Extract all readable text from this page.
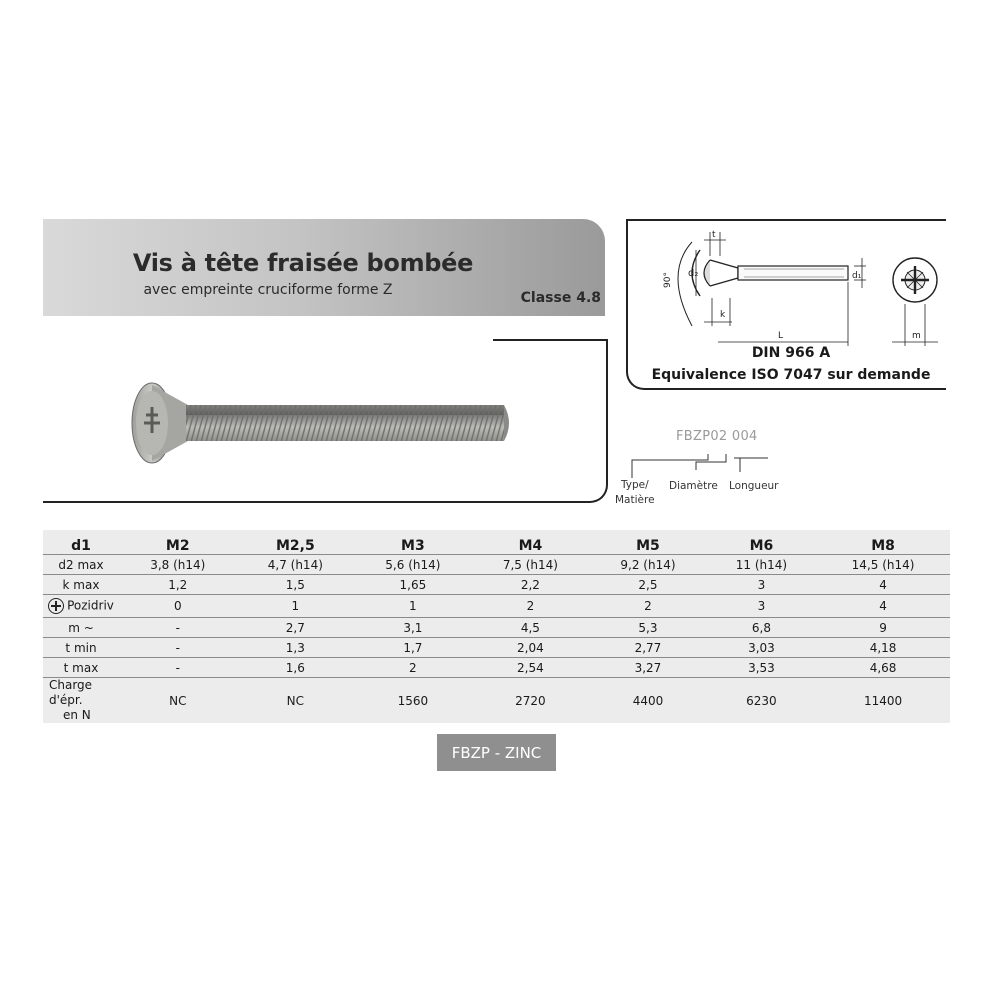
Vis à tête fraisée bombée
avec empreinte cruciforme forme Z	Classe 4.8
90° d₂
t
k
L
d₁
m
DIN 966 A
Equivalence ISO 7047 sur demande
FBZP02 004
Type/
Matière
Diamètre Longueur
d1	M2	M2,5	M3	M4	M5	M6	M8
d2 max	3,8 (h14)	4,7 (h14)	5,6 (h14)	7,5 (h14)	9,2 (h14)	11 (h14)	14,5 (h14)
k max	1,2	1,5	1,65	2,2	2,5	3	4
Pozidriv	0	1	1	2	2	3	4
m ~	-	2,7	3,1	4,5	5,3	6,8	9
t min	-	1,3	1,7	2,04	2,77	3,03	4,18
t max	-	1,6	2	2,54	3,27	3,53	4,68
Charge d'épr.
en N	NC	NC	1560	2720	4400	6230	11400
FBZP - ZINC
